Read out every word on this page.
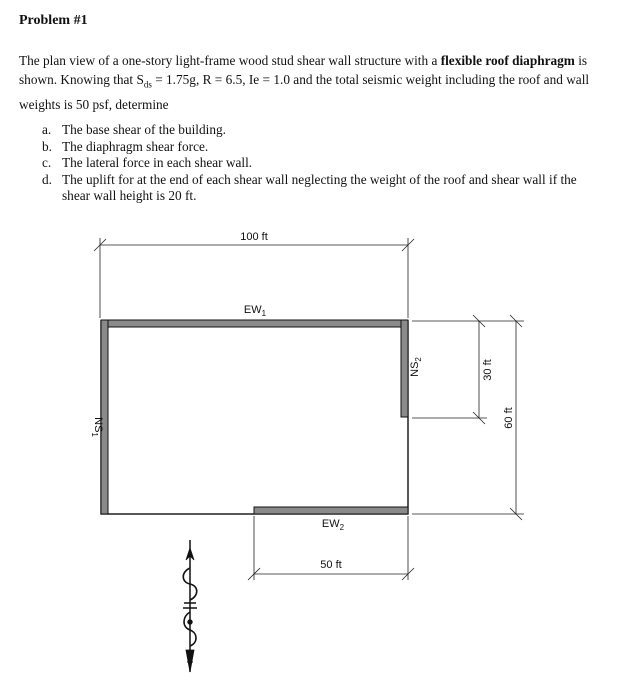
Problem #1
The plan view of a one-story light-frame wood stud shear wall structure with a flexible roof diaphragm is shown. Knowing that $S_{ds} = 1.75g$, R = 6.5, Ie = 1.0 and the total seismic weight including the roof and wall weights is 50 psf, determine
a. The base shear of the building.
b. The diaphragm shear force.
c. The lateral force in each shear wall.
d. The uplift for at the end of each shear wall neglecting the weight of the roof and shear wall if the shear wall height is 20 ft.
100 ft
50 ft
30 ft
60 ft
$EW_1$
$EW_2$
$NS_1$
$NS_2$
